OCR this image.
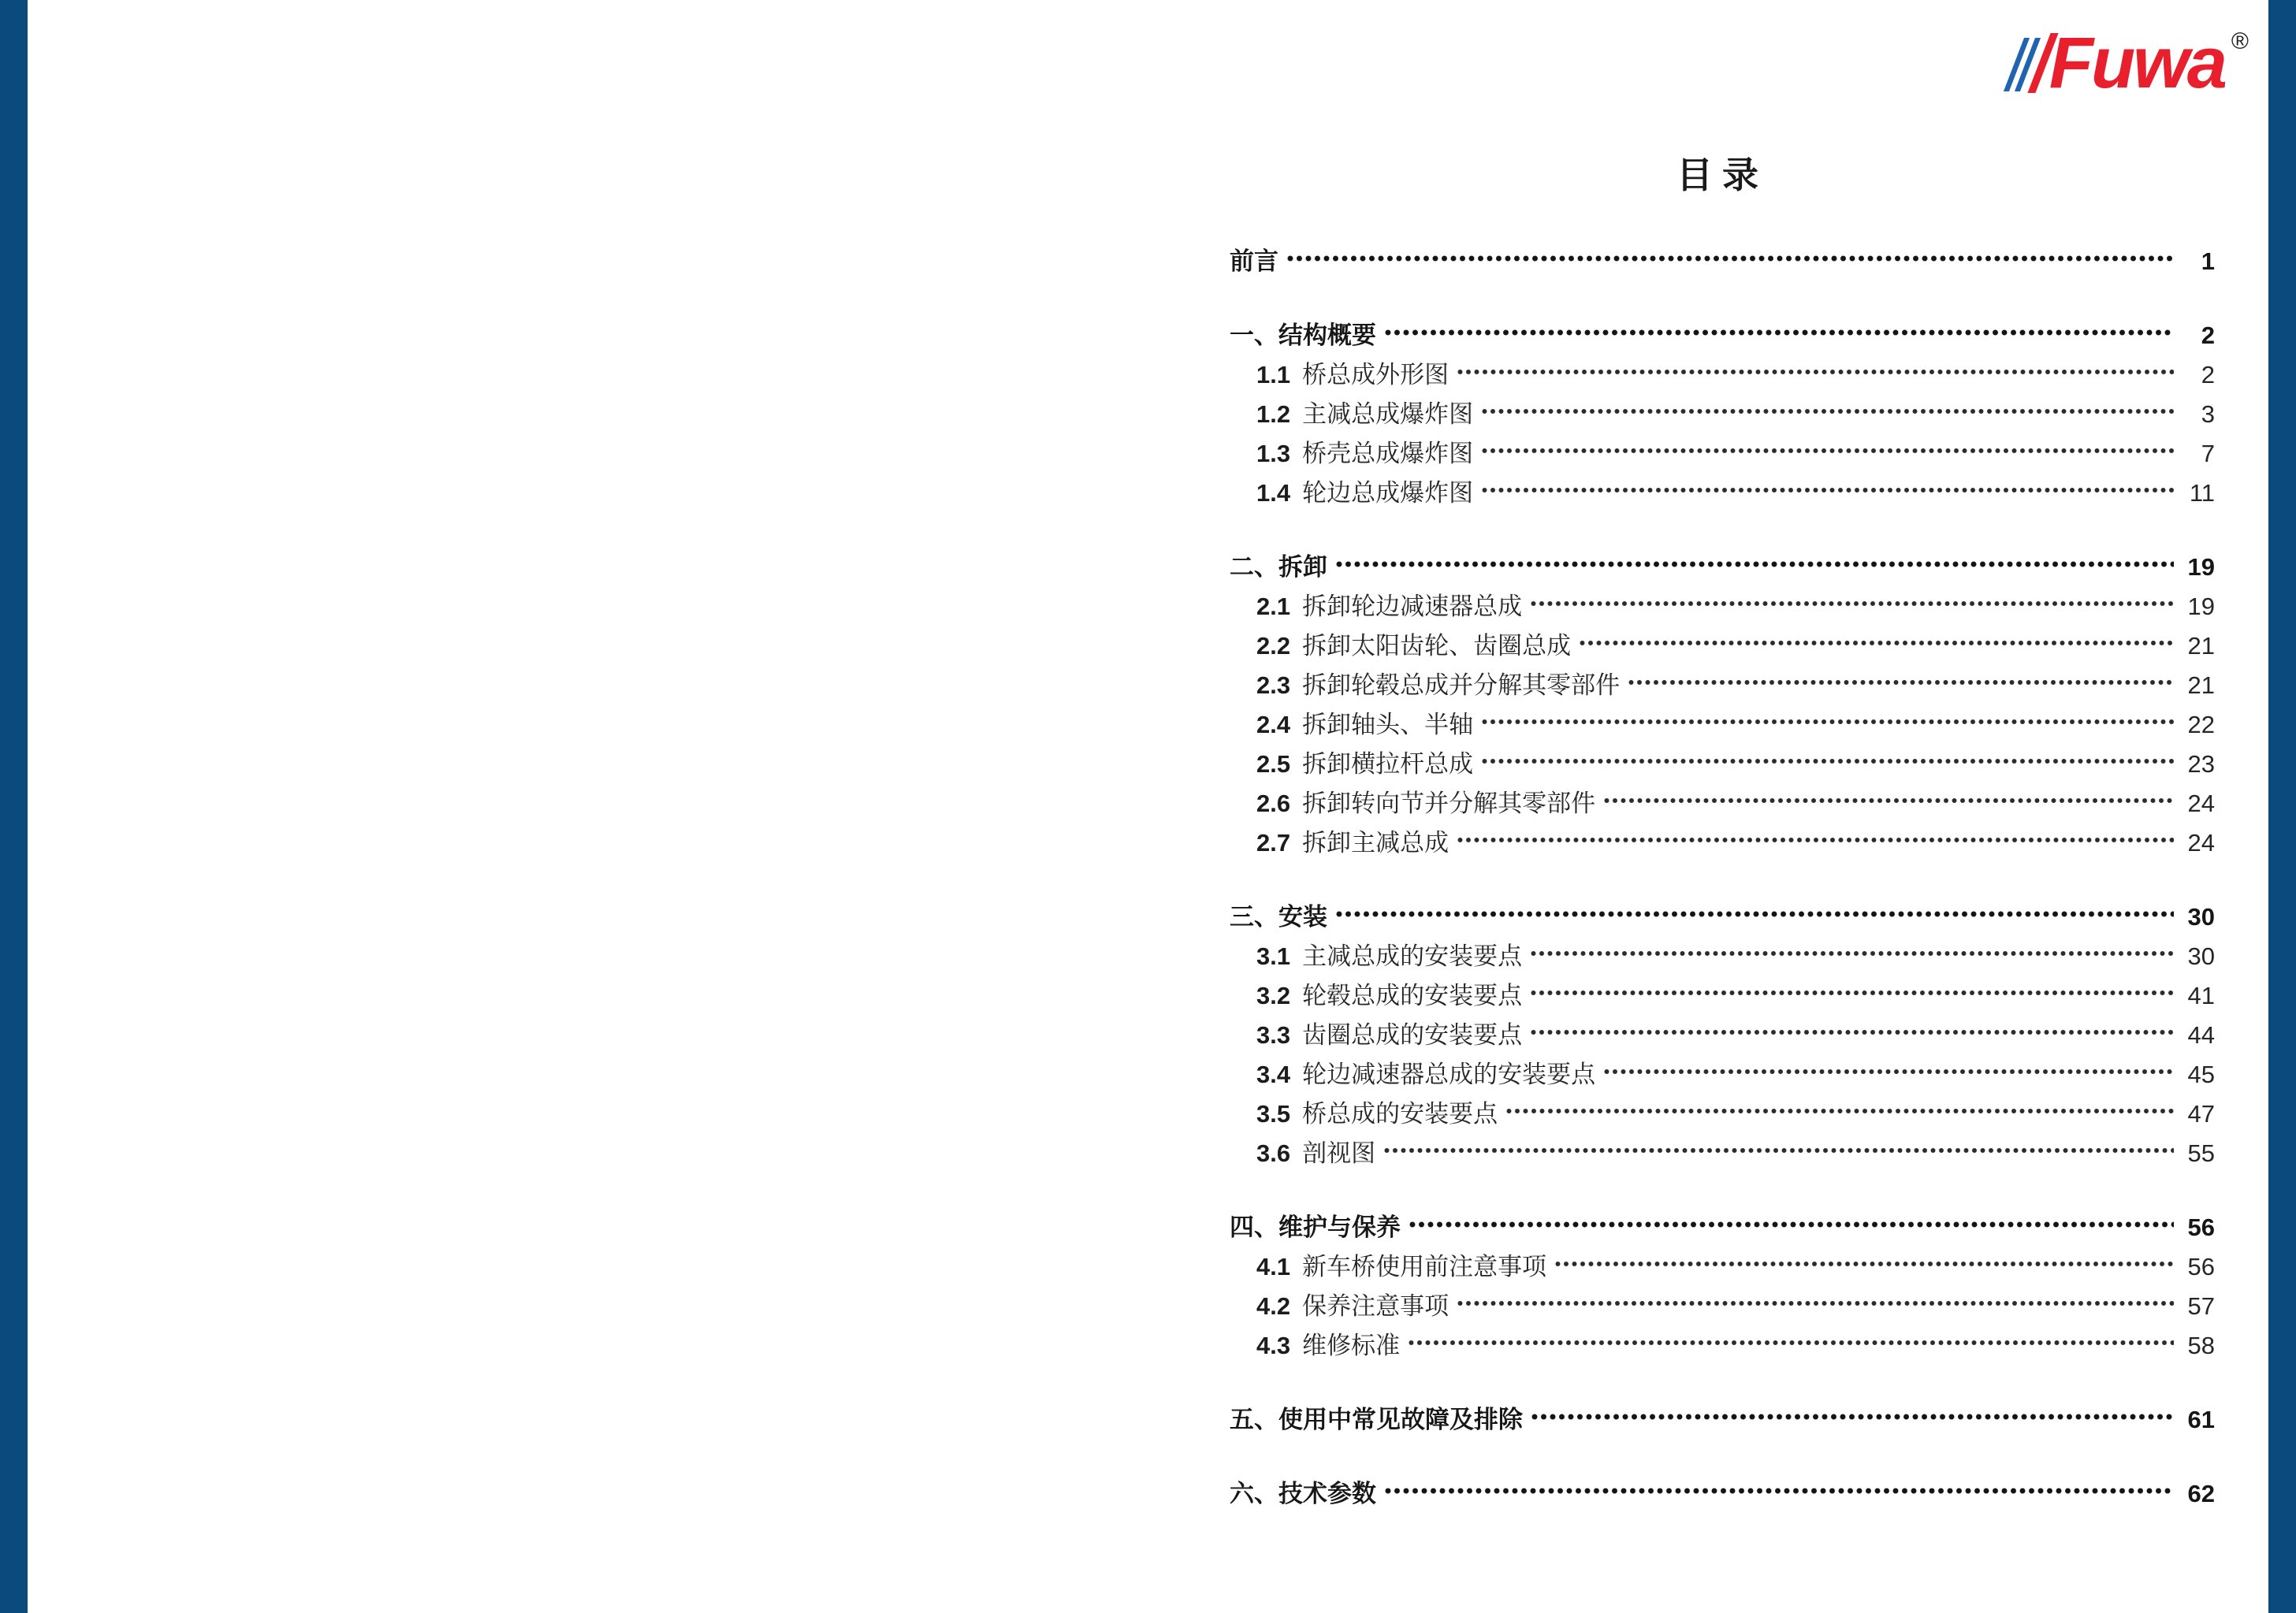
Fuwa ®
目录
前言	1
一、 结构概要	2
1.1 桥总成外形图	2
1.2 主减总成爆炸图	3
1.3 桥壳总成爆炸图	7
1.4 轮边总成爆炸图	11
二、 拆卸	19
2.1 拆卸轮边减速器总成	19
2.2 拆卸太阳齿轮、齿圈总成	21
2.3 拆卸轮毂总成并分解其零部件	21
2.4 拆卸轴头、半轴	22
2.5 拆卸横拉杆总成	23
2.6 拆卸转向节并分解其零部件	24
2.7 拆卸主减总成	24
三、 安装	30
3.1 主减总成的安装要点	30
3.2 轮毂总成的安装要点	41
3.3 齿圈总成的安装要点	44
3.4 轮边减速器总成的安装要点	45
3.5 桥总成的安装要点	47
3.6 剖视图	55
四、 维护与保养	56
4.1 新车桥使用前注意事项	56
4.2 保养注意事项	57
4.3 维修标准	58
五、 使用中常见故障及排除	61
六、 技术参数	62
